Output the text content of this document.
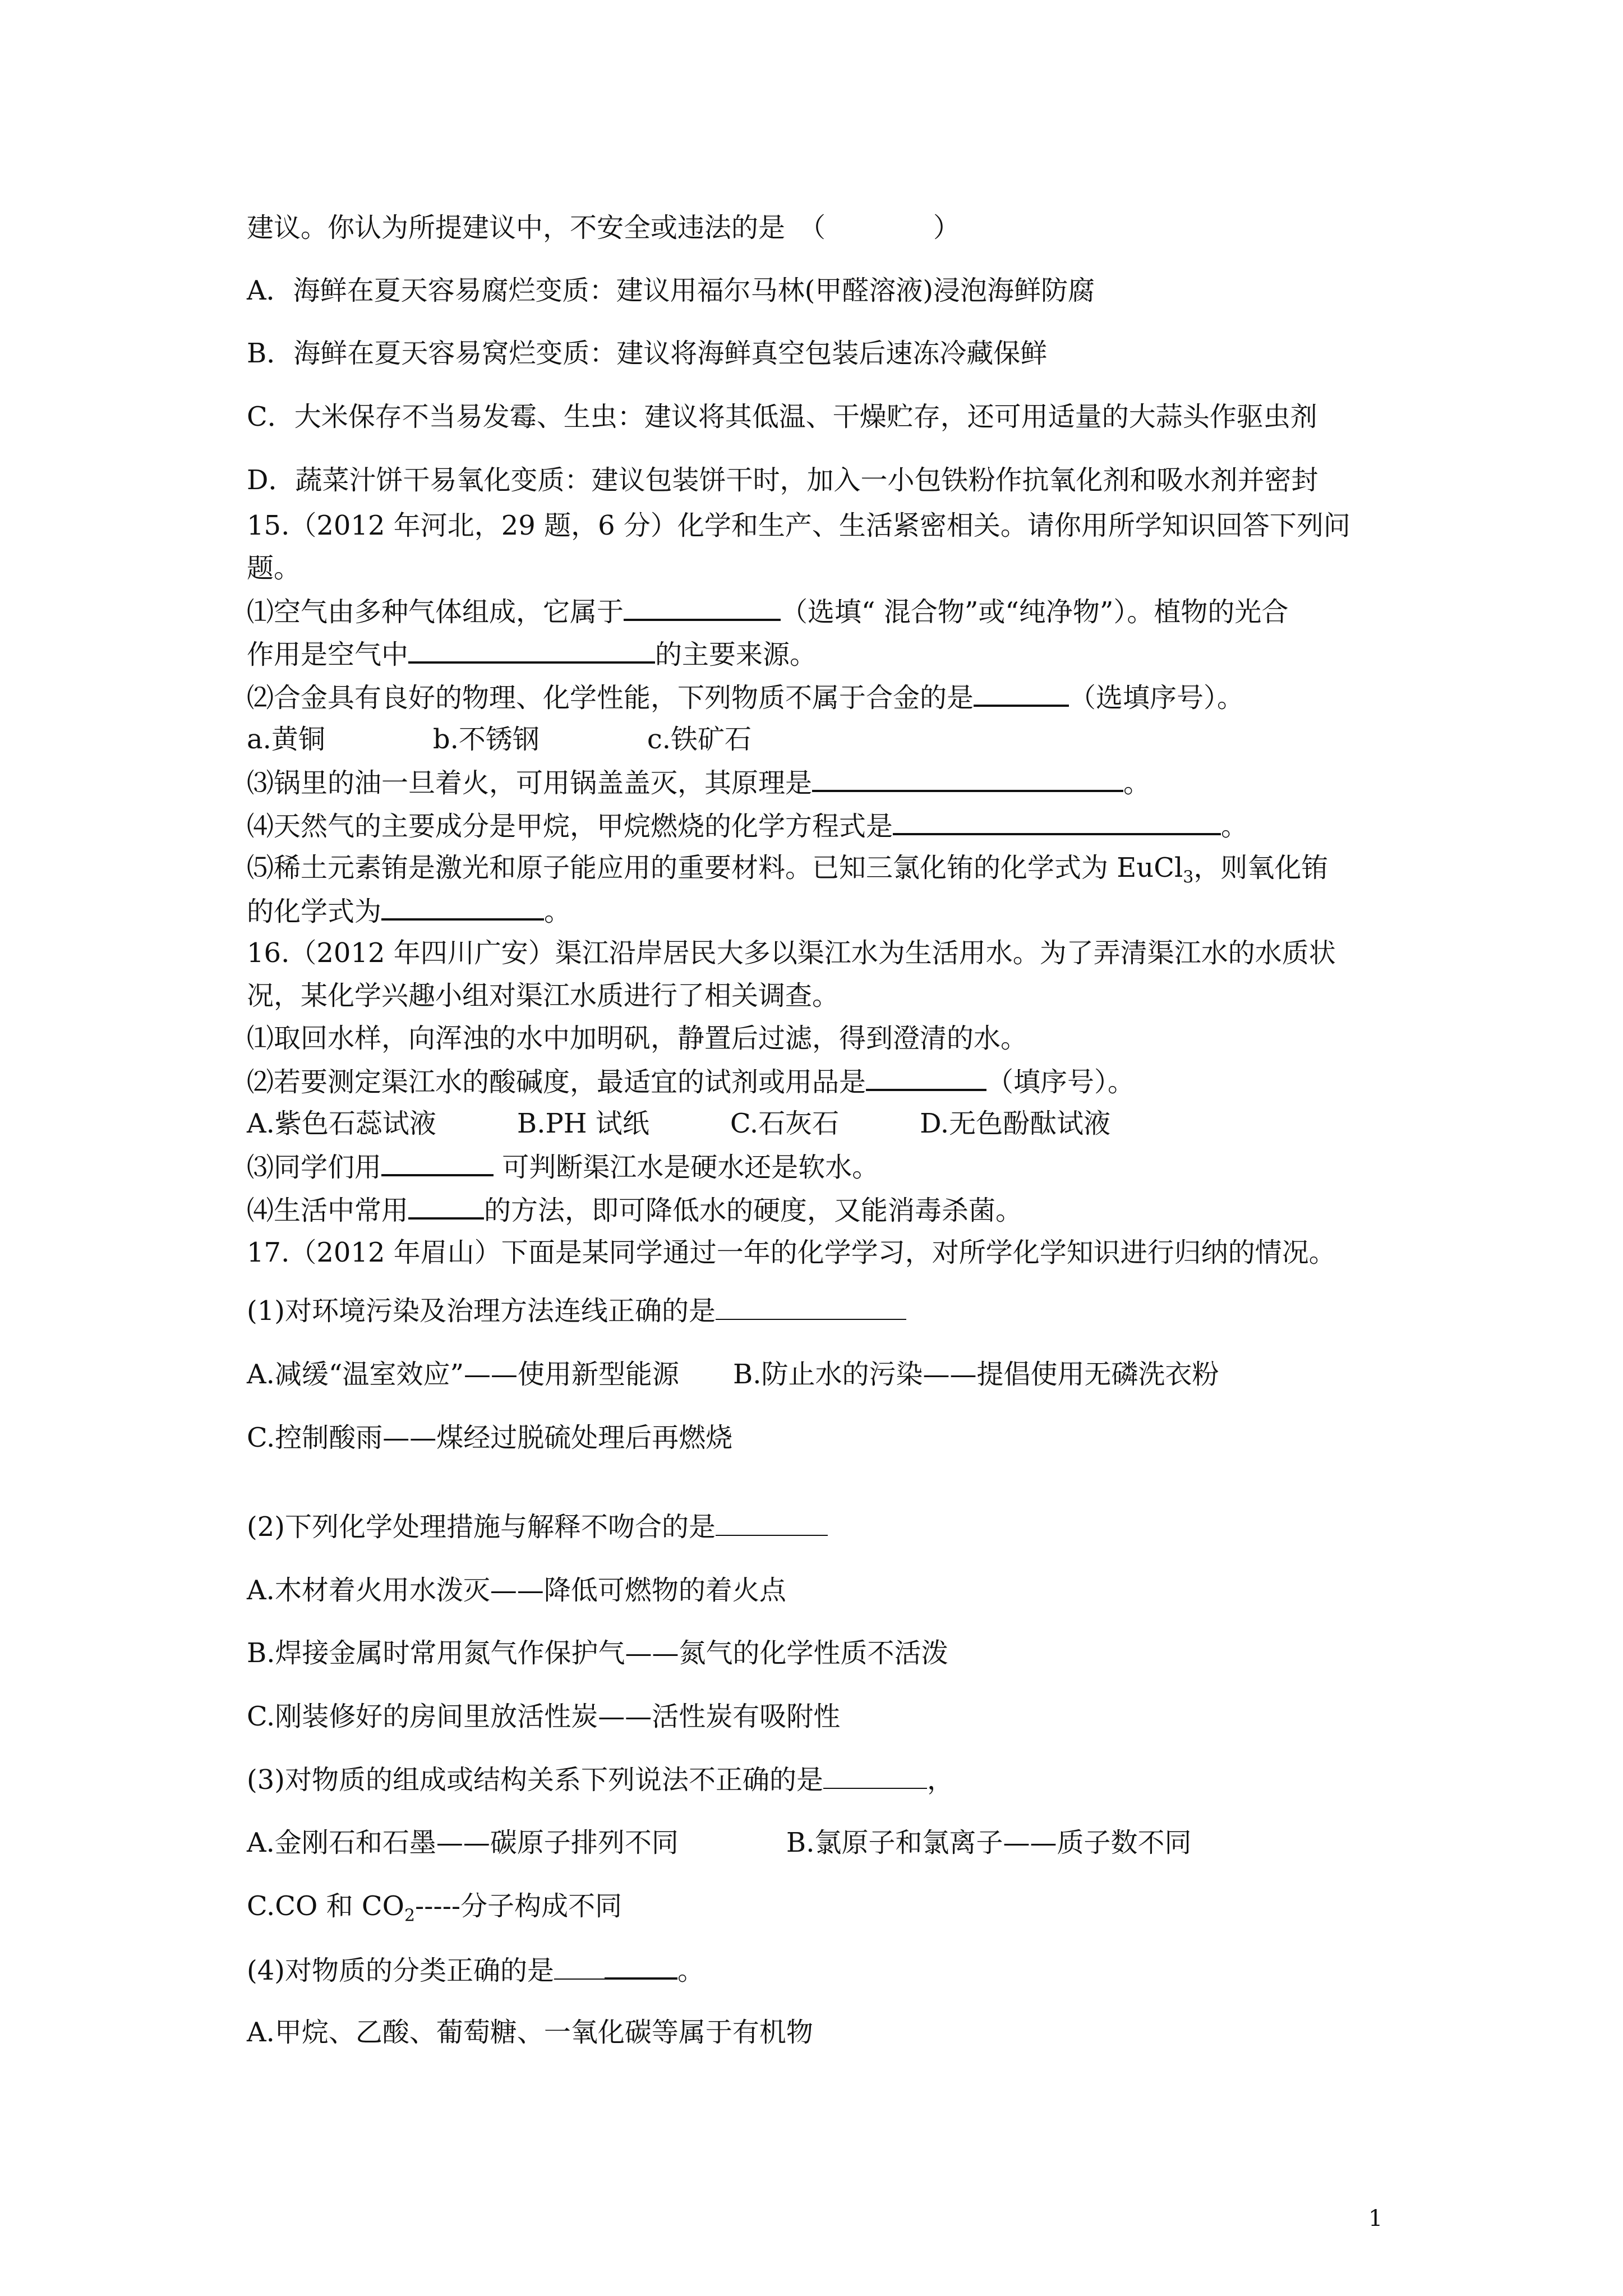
建议。你认为所提建议中，不安全或违法的是　（　　　　）
A．海鲜在夏天容易腐烂变质：建议用福尔马林(甲醛溶液)浸泡海鲜防腐
B．海鲜在夏天容易窝烂变质：建议将海鲜真空包装后速冻冷藏保鲜
C．大米保存不当易发霉、生虫：建议将其低温、干燥贮存，还可用适量的大蒜头作驱虫剂
D．蔬菜汁饼干易氧化变质：建议包装饼干时，加入一小包铁粉作抗氧化剂和吸水剂并密封
15.（2012 年河北，29 题，6 分）化学和生产、生活紧密相关。请你用所学知识回答下列问
题。
⑴空气由多种气体组成，它属于	（选填“ 混合物”或“纯净物”）。植物的光合
作用是空气中	的主要来源。
⑵合金具有良好的物理、化学性能，下列物质不属于合金的是	（选填序号）。
a.黄铜　　　　b.不锈钢　　　　c.铁矿石
⑶锅里的油一旦着火，可用锅盖盖灭，其原理是	。
⑷天然气的主要成分是甲烷，甲烷燃烧的化学方程式是	。
⑸稀土元素铕是激光和原子能应用的重要材料。已知三氯化铕的化学式为 EuCl$_3$，则氧化铕
的化学式为	。
16.（2012 年四川广安）渠江沿岸居民大多以渠江水为生活用水。为了弄清渠江水的水质状
况，某化学兴趣小组对渠江水质进行了相关调查。
⑴取回水样，向浑浊的水中加明矾，静置后过滤，得到澄清的水。
⑵若要测定渠江水的酸碱度，最适宜的试剂或用品是	（填序号）。
A.紫色石蕊试液　　　B.PH 试纸　　　C.石灰石　　　D.无色酚酞试液
⑶同学们用	可判断渠江水是硬水还是软水。
⑷生活中常用	的方法，即可降低水的硬度，又能消毒杀菌。
17.（2012 年眉山）下面是某同学通过一年的化学学习，对所学化学知识进行归纳的情况。
(1)对环境污染及治理方法连线正确的是
A.减缓“温室效应”——使用新型能源　　B.防止水的污染——提倡使用无磷洗衣粉
C.控制酸雨——煤经过脱硫处理后再燃烧
(2)下列化学处理措施与解释不吻合的是
A.木材着火用水泼灭——降低可燃物的着火点
B.焊接金属时常用氮气作保护气——氮气的化学性质不活泼
C.刚装修好的房间里放活性炭——活性炭有吸附性
(3)对物质的组成或结构关系下列说法不正确的是	，
A.金刚石和石墨——碳原子排列不同　　　　B.氯原子和氯离子——质子数不同
C.CO 和 $CO_2-----$分子构成不同
(4)对物质的分类正确的是	。
A.甲烷、乙酸、葡萄糖、一氧化碳等属于有机物
1
